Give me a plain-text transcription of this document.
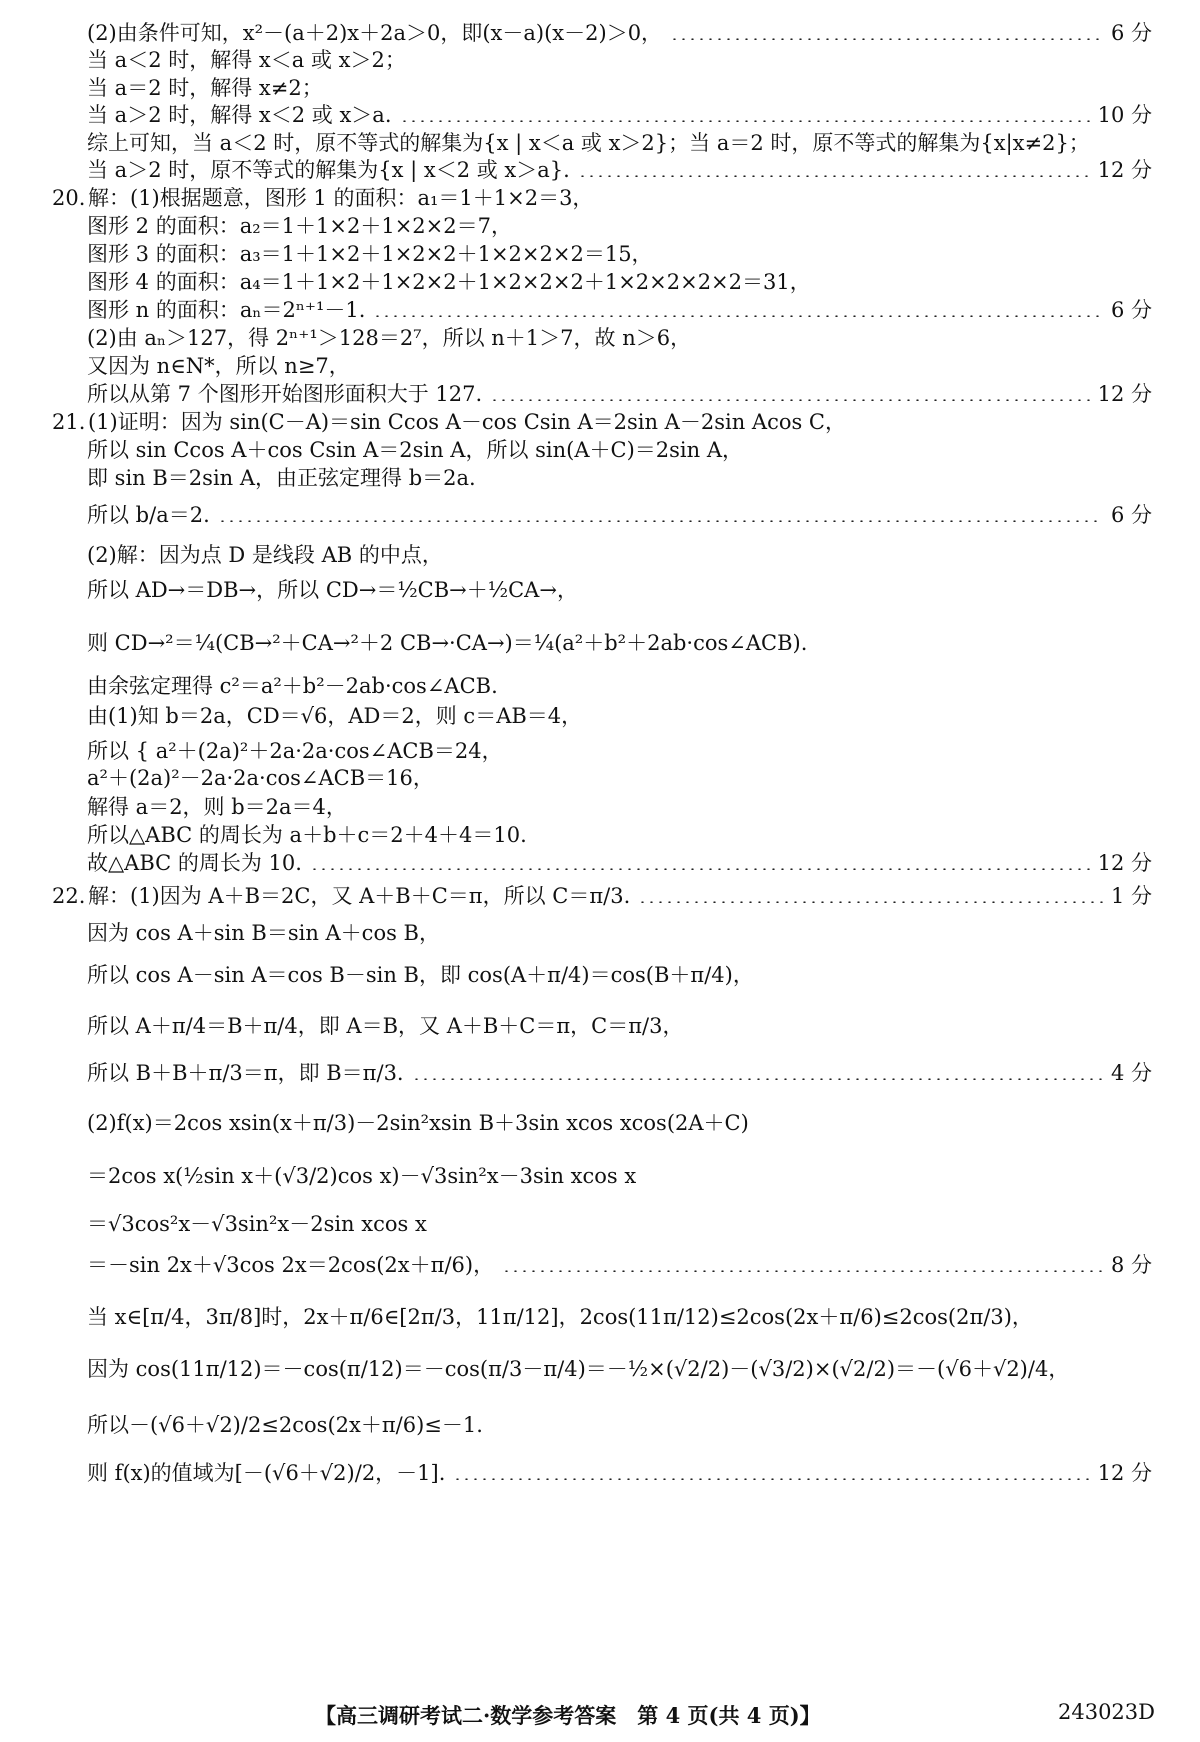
(2)由条件可知，x²－(a＋2)x＋2a＞0，即(x－a)(x－2)＞0，	6 分
当 a＜2 时，解得 x＜a 或 x＞2；
当 a＝2 时，解得 x≠2；
当 a＞2 时，解得 x＜2 或 x＞a.	10 分
综上可知，当 a＜2 时，原不等式的解集为{x | x＜a 或 x＞2}；当 a＝2 时，原不等式的解集为{x|x≠2}；
当 a＞2 时，原不等式的解集为{x | x＜2 或 x＞a}.	12 分
20. 解：(1)根据题意，图形 1 的面积：a₁＝1＋1×2＝3，
图形 2 的面积：a₂＝1＋1×2＋1×2×2＝7，
图形 3 的面积：a₃＝1＋1×2＋1×2×2＋1×2×2×2＝15，
图形 4 的面积：a₄＝1＋1×2＋1×2×2＋1×2×2×2＋1×2×2×2×2＝31，
图形 n 的面积：aₙ＝2ⁿ⁺¹－1.	6 分
(2)由 aₙ＞127，得 2ⁿ⁺¹＞128＝2⁷，所以 n＋1＞7，故 n＞6，
又因为 n∈N*，所以 n≥7，
所以从第 7 个图形开始图形面积大于 127.	12 分
21. (1)证明：因为 sin(C－A)＝sin Ccos A－cos Csin A＝2sin A－2sin Acos C，
所以 sin Ccos A＋cos Csin A＝2sin A，所以 sin(A＋C)＝2sin A，
即 sin B＝2sin A，由正弦定理得 b＝2a.
所以 b/a＝2.	6 分
(2)解：因为点 D 是线段 AB 的中点，
所以 AD→＝DB→，所以 CD→＝½CB→＋½CA→，
则 CD→²＝¼(CB→²＋CA→²＋2 CB→·CA→)＝¼(a²＋b²＋2ab·cos∠ACB).
由余弦定理得 c²＝a²＋b²－2ab·cos∠ACB.
由(1)知 b＝2a，CD＝√6，AD＝2，则 c＝AB＝4，
所以 { a²＋(2a)²＋2a·2a·cos∠ACB＝24，
a²＋(2a)²－2a·2a·cos∠ACB＝16，
解得 a＝2，则 b＝2a＝4，
所以△ABC 的周长为 a＋b＋c＝2＋4＋4＝10.
故△ABC 的周长为 10.	12 分
22. 解：(1)因为 A＋B＝2C，又 A＋B＋C＝π，所以 C＝π/3.	1 分
因为 cos A＋sin B＝sin A＋cos B，
所以 cos A－sin A＝cos B－sin B，即 cos(A＋π/4)＝cos(B＋π/4)，
所以 A＋π/4＝B＋π/4，即 A＝B，又 A＋B＋C＝π，C＝π/3，
所以 B＋B＋π/3＝π，即 B＝π/3.	4 分
(2)f(x)＝2cos xsin(x＋π/3)－2sin²xsin B＋3sin xcos xcos(2A＋C)
＝2cos x(½sin x＋(√3/2)cos x)－√3sin²x－3sin xcos x
＝√3cos²x－√3sin²x－2sin xcos x
＝－sin 2x＋√3cos 2x＝2cos(2x＋π/6)，	8 分
当 x∈[π/4，3π/8]时，2x＋π/6∈[2π/3，11π/12]，2cos(11π/12)≤2cos(2x＋π/6)≤2cos(2π/3)，
因为 cos(11π/12)＝－cos(π/12)＝－cos(π/3－π/4)＝－½×(√2/2)－(√3/2)×(√2/2)＝－(√6＋√2)/4，
所以－(√6＋√2)/2≤2cos(2x＋π/6)≤－1.
则 f(x)的值域为[－(√6＋√2)/2，－1].	12 分
【高三调研考试二·数学参考答案　第 4 页(共 4 页)】	243023D
